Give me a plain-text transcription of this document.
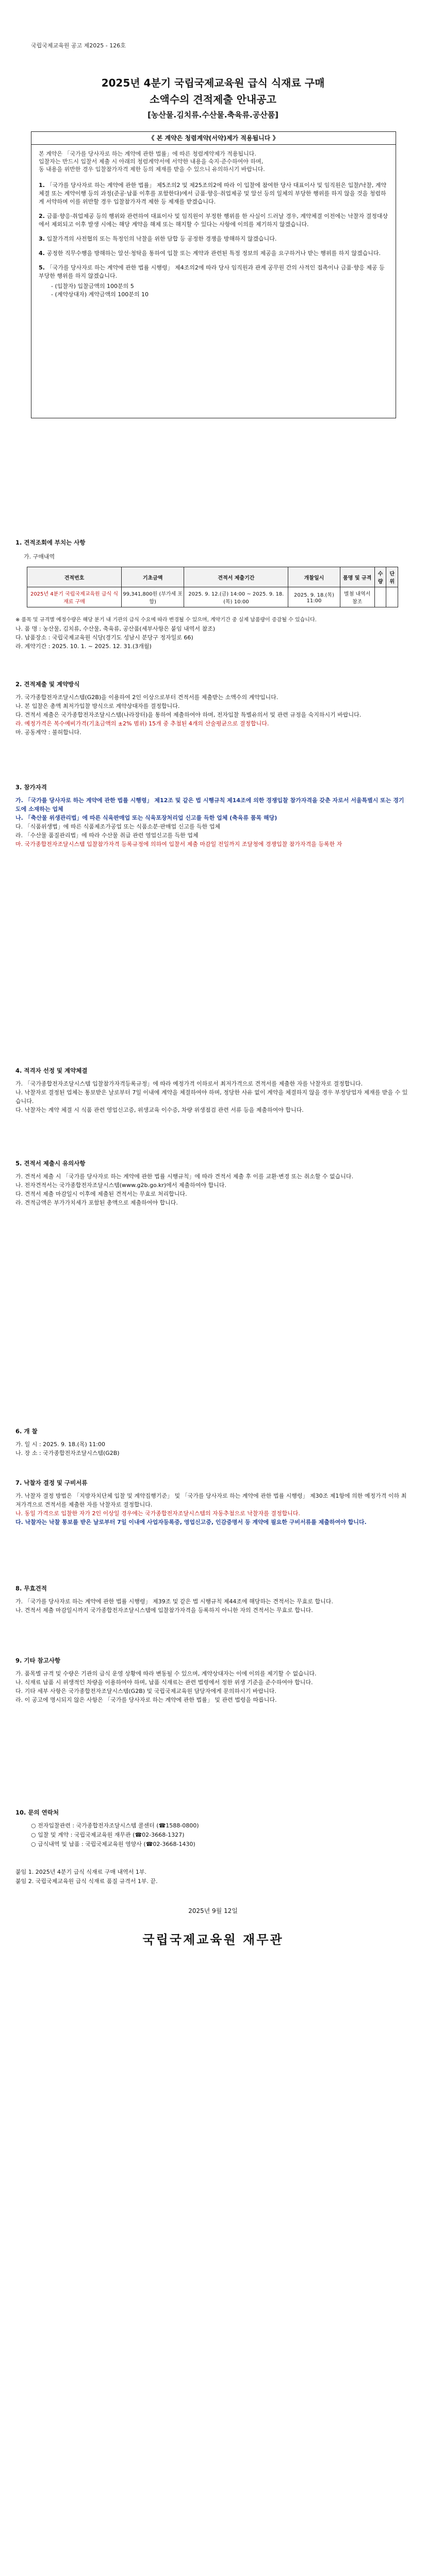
국립국제교육원 공고 제2025 - 126호
2025년 4분기 국립국제교육원 급식 식재료 구매
소액수의 견적제출 안내공고
[농산물.김치류.수산물.축육류.공산품]
《 본 계약은 청렴계약(서약)제가 적용됩니다 》
본 계약은 「국가를 당사자로 하는 계약에 관한 법률」에 따른 청렴계약제가 적용됩니다.
입찰자는 반드시 입찰서 제출 시 아래의 청렴계약서에 서약한 내용을 숙지·준수하여야 하며,
동 내용을 위반한 경우 입찰참가자격 제한 등의 제재를 받을 수 있으니 유의하시기 바랍니다.
1. 「국가를 당사자로 하는 계약에 관한 법률」 제5조의2 및 제25조의2에 따라 이 입찰에 참여한 당사 대표이사 및 임직원은 입찰/낙찰, 계약체결 또는 계약이행 등의 과정(준공·납품 이후를 포함한다)에서 금품·향응·취업제공 및 알선 등의 일체의 부당한 행위를 하지 않을 것을 청렴하게 서약하며 이를 위반할 경우 입찰참가자격 제한 등 제재를 받겠습니다.
2. 금품·향응·취업제공 등의 행위와 관련하여 대표이사 및 임직원이 부정한 행위를 한 사실이 드러날 경우, 계약체결 이전에는 낙찰자 결정대상에서 제외되고 이후 발생 시에는 해당 계약을 해제 또는 해지할 수 있다는 사항에 이의를 제기하지 않겠습니다.
3. 입찰가격의 사전협의 또는 특정인의 낙찰을 위한 담합 등 공정한 경쟁을 방해하지 않겠습니다.
4. 공정한 직무수행을 방해하는 알선·청탁을 통하여 입찰 또는 계약과 관련된 특정 정보의 제공을 요구하거나 받는 행위를 하지 않겠습니다.
5. 「국가를 당사자로 하는 계약에 관한 법률 시행령」 제4조의2에 따라 당사 임직원과 관계 공무원 간의 사적인 접촉이나 금품·향응 제공 등 부당한 행위를 하지 않겠습니다.
- (입찰자) 입찰금액의 100분의 5
- (계약상대자) 계약금액의 100분의 10
1. 견적조회에 부치는 사항
가. 구매내역
견적번호	기초금액	견적서 제출기간	개찰일시	품명 및 규격	수량	단위
2025년 4분기 국립국제교육원 급식 식재료 구매	99,341,800원 (부가세 포함)	2025. 9. 12.(금) 14:00 ~ 2025. 9. 18.(목) 10:00	2025. 9. 18.(목) 11:00	별첨 내역서 참조		
※ 품목 및 규격별 예정수량은 해당 분기 내 기관의 급식 수요에 따라 변경될 수 있으며, 계약기간 중 실제 납품량이 증감될 수 있습니다.
나. 품 명 : 농산물, 김치류, 수산물, 축육류, 공산품(세부사항은 붙임 내역서 참조)
다. 납품장소 : 국립국제교육원 식당(경기도 성남시 분당구 정자일로 66)
라. 계약기간 : 2025. 10. 1. ~ 2025. 12. 31.(3개월)
2. 견적제출 및 계약방식
가. 국가종합전자조달시스템(G2B)을 이용하여 2인 이상으로부터 견적서를 제출받는 소액수의 계약입니다.
나. 본 입찰은 총액 최저가입찰 방식으로 계약상대자를 결정합니다.
다. 견적서 제출은 국가종합전자조달시스템(나라장터)을 통하여 제출하여야 하며, 전자입찰 특별유의서 및 관련 규정을 숙지하시기 바랍니다.
라. 예정가격은 복수예비가격(기초금액의 ±2% 범위) 15개 중 추첨된 4개의 산술평균으로 결정합니다.
마. 공동계약 : 불허합니다.
3. 참가자격
가. 「국가를 당사자로 하는 계약에 관한 법률 시행령」 제12조 및 같은 법 시행규칙 제14조에 의한 경쟁입찰 참가자격을 갖춘 자로서 서울특별시 또는 경기도에 소재하는 업체
나. 「축산물 위생관리법」에 따른 식육판매업 또는 식육포장처리업 신고를 득한 업체 (축육류 품목 해당)
다. 「식품위생법」에 따른 식품제조가공업 또는 식품소분·판매업 신고를 득한 업체
라. 「수산물 품질관리법」에 따라 수산물 취급 관련 영업신고를 득한 업체
마. 국가종합전자조달시스템 입찰참가자격 등록규정에 의하여 입찰서 제출 마감일 전일까지 조달청에 경쟁입찰 참가자격을 등록한 자
4. 적격자 선정 및 계약체결
가. 「국가종합전자조달시스템 입찰참가자격등록규정」에 따라 예정가격 이하로서 최저가격으로 견적서를 제출한 자를 낙찰자로 결정합니다.
나. 낙찰자로 결정된 업체는 통보받은 날로부터 7일 이내에 계약을 체결하여야 하며, 정당한 사유 없이 계약을 체결하지 않을 경우 부정당업자 제재를 받을 수 있습니다.
다. 낙찰자는 계약 체결 시 식품 관련 영업신고증, 위생교육 이수증, 차량 위생점검 관련 서류 등을 제출하여야 합니다.
5. 견적서 제출시 유의사항
가. 견적서 제출 시 「국가를 당사자로 하는 계약에 관한 법률 시행규칙」에 따라 견적서 제출 후 이를 교환·변경 또는 취소할 수 없습니다.
나. 전자견적서는 국가종합전자조달시스템(www.g2b.go.kr)에서 제출하여야 합니다.
다. 견적서 제출 마감일시 이후에 제출된 견적서는 무효로 처리합니다.
라. 견적금액은 부가가치세가 포함된 총액으로 제출하여야 합니다.
6. 개 찰
가. 일 시 : 2025. 9. 18.(목) 11:00
나. 장 소 : 국가종합전자조달시스템(G2B)
7. 낙찰자 결정 및 구비서류
가. 낙찰자 결정 방법은 「지방자치단체 입찰 및 계약집행기준」 및 「국가를 당사자로 하는 계약에 관한 법률 시행령」 제30조 제1항에 의한 예정가격 이하 최저가격으로 견적서를 제출한 자를 낙찰자로 결정합니다.
나. 동일 가격으로 입찰한 자가 2인 이상일 경우에는 국가종합전자조달시스템의 자동추첨으로 낙찰자를 결정합니다.
다. 낙찰자는 낙찰 통보를 받은 날로부터 7일 이내에 사업자등록증, 영업신고증, 인감증명서 등 계약에 필요한 구비서류를 제출하여야 합니다.
8. 무효견적
가. 「국가를 당사자로 하는 계약에 관한 법률 시행령」 제39조 및 같은 법 시행규칙 제44조에 해당하는 견적서는 무효로 합니다.
나. 견적서 제출 마감일시까지 국가종합전자조달시스템에 입찰참가자격을 등록하지 아니한 자의 견적서는 무효로 합니다.
9. 기타 참고사항
가. 품목별 규격 및 수량은 기관의 급식 운영 상황에 따라 변동될 수 있으며, 계약상대자는 이에 이의를 제기할 수 없습니다.
나. 식재료 납품 시 위생적인 차량을 이용하여야 하며, 납품 식재료는 관련 법령에서 정한 위생 기준을 준수하여야 합니다.
다. 기타 세부 사항은 국가종합전자조달시스템(G2B) 및 국립국제교육원 담당자에게 문의하시기 바랍니다.
라. 이 공고에 명시되지 않은 사항은 「국가를 당사자로 하는 계약에 관한 법률」 및 관련 법령을 따릅니다.
10. 문의 연락처
○ 전자입찰관련 : 국가종합전자조달시스템 콜센터 (☎1588-0800)
○ 입찰 및 계약 : 국립국제교육원 재무관 (☎02-3668-1327)
○ 급식내역 및 납품 : 국립국제교육원 영양사 (☎02-3668-1430)
붙임 1. 2025년 4분기 급식 식재료 구매 내역서 1부.
붙임 2. 국립국제교육원 급식 식재료 품질 규격서 1부. 끝.
2025년 9월 12일
국립국제교육원 재무관
